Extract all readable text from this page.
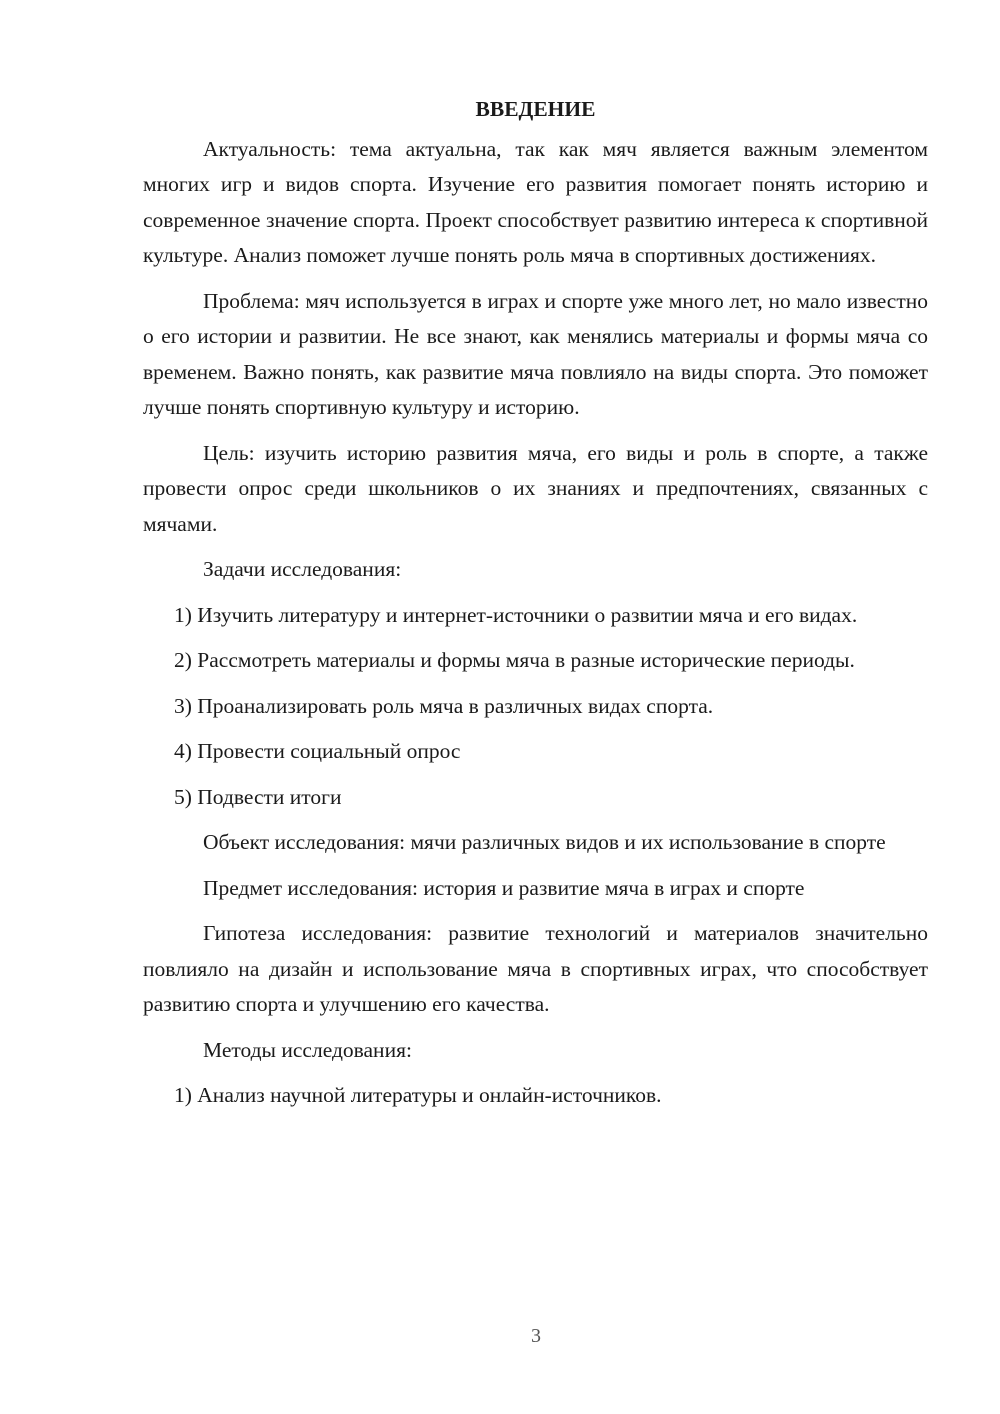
ВВЕДЕНИЕ

Актуальность: тема актуальна, так как мяч является важным элементом многих игр и видов спорта. Изучение его развития помогает понять историю и современное значение спорта. Проект способствует развитию интереса к спортивной культуре. Анализ поможет лучше понять роль мяча в спортивных достижениях.

Проблема: мяч используется в играх и спорте уже много лет, но мало известно о его истории и развитии. Не все знают, как менялись материалы и формы мяча со временем. Важно понять, как развитие мяча повлияло на виды спорта. Это поможет лучше понять спортивную культуру и историю.

Цель: изучить историю развития мяча, его виды и роль в спорте, а также провести опрос среди школьников о их знаниях и предпочтениях, связанных с мячами.

Задачи исследования:

1) Изучить литературу и интернет-источники о развитии мяча и его видах.

2) Рассмотреть материалы и формы мяча в разные исторические периоды.

3) Проанализировать роль мяча в различных видах спорта.

4) Провести социальный опрос

5) Подвести итоги

Объект исследования: мячи различных видов и их использование в спорте

Предмет исследования: история и развитие мяча в играх и спорте

Гипотеза исследования: развитие технологий и материалов значительно повлияло на дизайн и использование мяча в спортивных играх, что способствует развитию спорта и улучшению его качества.

Методы исследования:

1) Анализ научной литературы и онлайн-источников.

3
